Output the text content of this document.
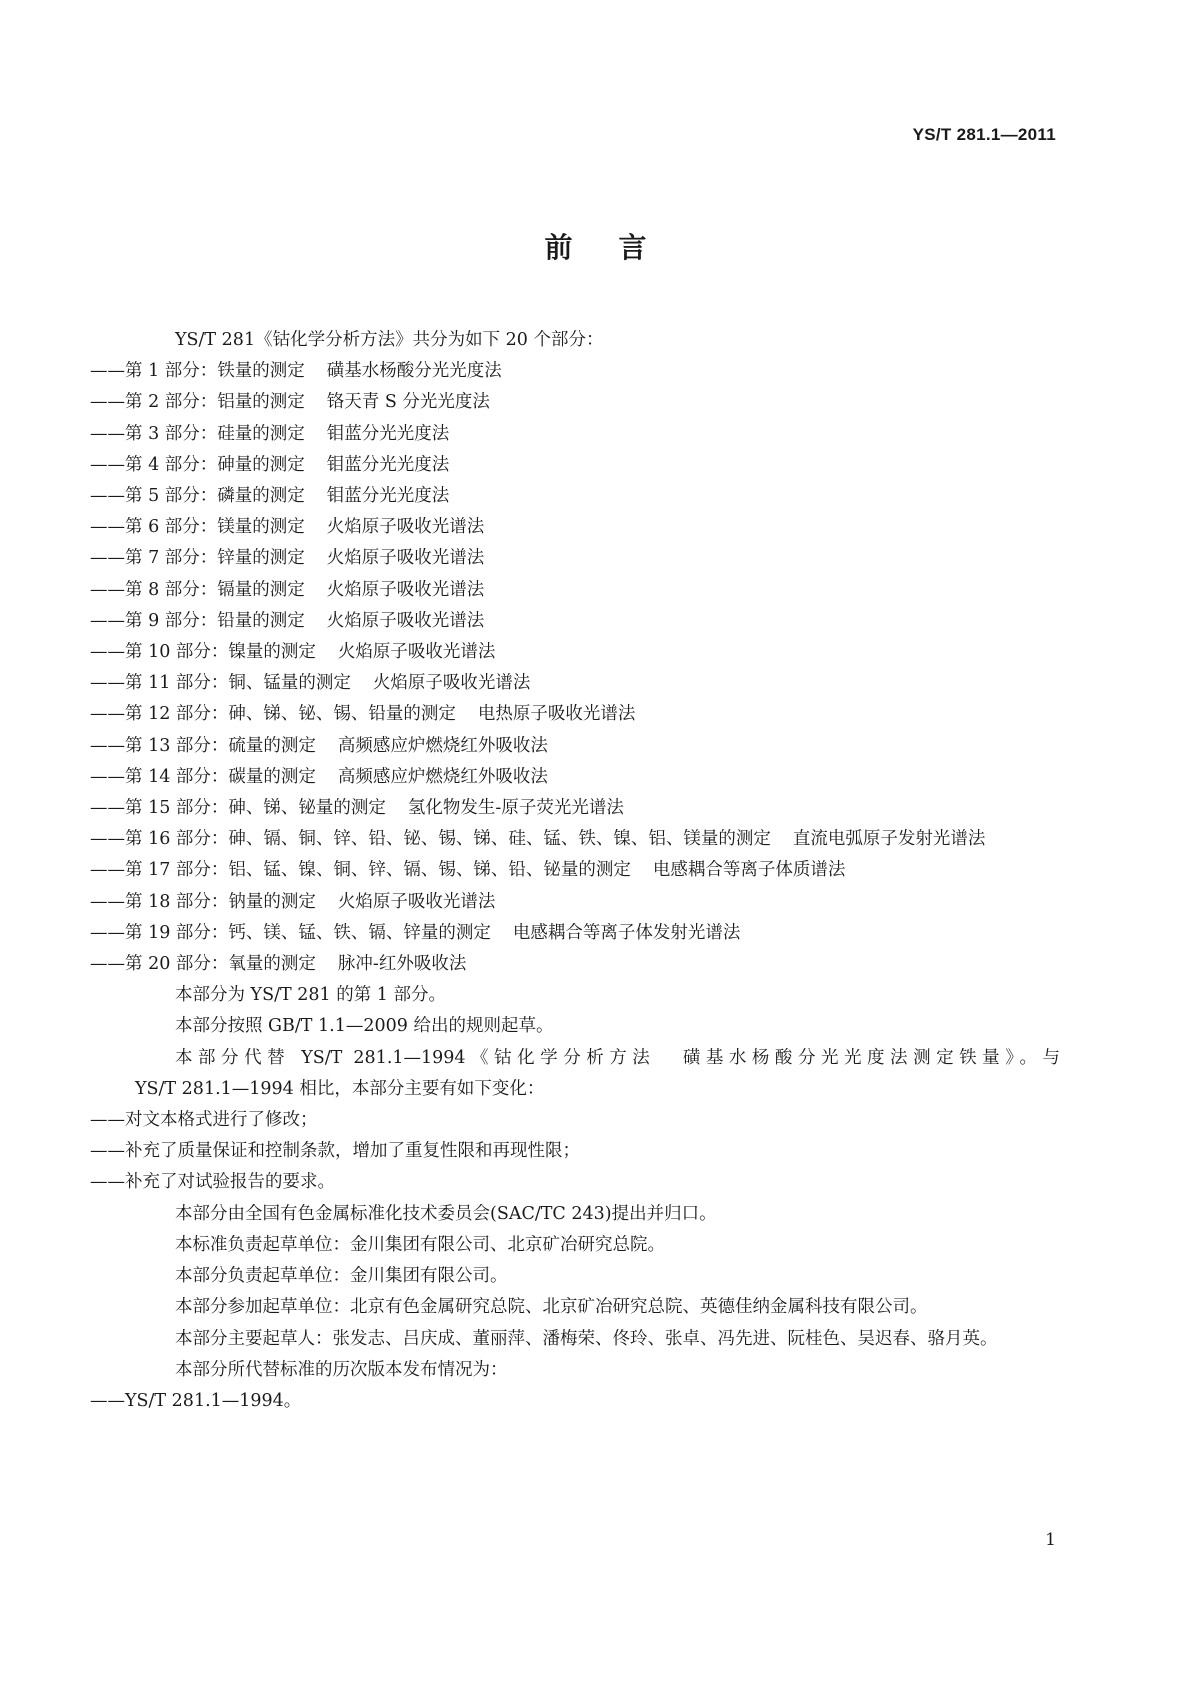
YS/T 281.1—2011
前言

YS/T 281《钴化学分析方法》共分为如下 20 个部分：

——第 1 部分：铁量的测定 磺基水杨酸分光光度法

——第 2 部分：铝量的测定 铬天青 S 分光光度法

——第 3 部分：硅量的测定 钼蓝分光光度法

——第 4 部分：砷量的测定 钼蓝分光光度法

——第 5 部分：磷量的测定 钼蓝分光光度法

——第 6 部分：镁量的测定 火焰原子吸收光谱法

——第 7 部分：锌量的测定 火焰原子吸收光谱法

——第 8 部分：镉量的测定 火焰原子吸收光谱法

——第 9 部分：铅量的测定 火焰原子吸收光谱法

——第 10 部分：镍量的测定 火焰原子吸收光谱法

——第 11 部分：铜、锰量的测定 火焰原子吸收光谱法

——第 12 部分：砷、锑、铋、锡、铅量的测定 电热原子吸收光谱法

——第 13 部分：硫量的测定 高频感应炉燃烧红外吸收法

——第 14 部分：碳量的测定 高频感应炉燃烧红外吸收法

——第 15 部分：砷、锑、铋量的测定 氢化物发生-原子荧光光谱法

——第 16 部分：砷、镉、铜、锌、铅、铋、锡、锑、硅、锰、铁、镍、铝、镁量的测定 直流电弧原子发射光谱法

——第 17 部分：铝、锰、镍、铜、锌、镉、锡、锑、铅、铋量的测定 电感耦合等离子体质谱法

——第 18 部分：钠量的测定 火焰原子吸收光谱法

——第 19 部分：钙、镁、锰、铁、镉、锌量的测定 电感耦合等离子体发射光谱法

——第 20 部分：氧量的测定 脉冲-红外吸收法

本部分为 YS/T 281 的第 1 部分。

本部分按照 GB/T 1.1—2009 给出的规则起草。

本部分代替 YS/T 281.1—1994《钴化学分析方法 磺基水杨酸分光光度法测定铁量》。与

YS/T 281.1—1994 相比，本部分主要有如下变化：

——对文本格式进行了修改；

——补充了质量保证和控制条款，增加了重复性限和再现性限；

——补充了对试验报告的要求。

本部分由全国有色金属标准化技术委员会(SAC/TC 243)提出并归口。

本标准负责起草单位：金川集团有限公司、北京矿冶研究总院。

本部分负责起草单位：金川集团有限公司。

本部分参加起草单位：北京有色金属研究总院、北京矿冶研究总院、英德佳纳金属科技有限公司。

本部分主要起草人：张发志、吕庆成、董丽萍、潘梅荣、佟玲、张卓、冯先进、阮桂色、吴迟春、骆月英。

本部分所代替标准的历次版本发布情况为：

——YS/T 281.1—1994。

1
